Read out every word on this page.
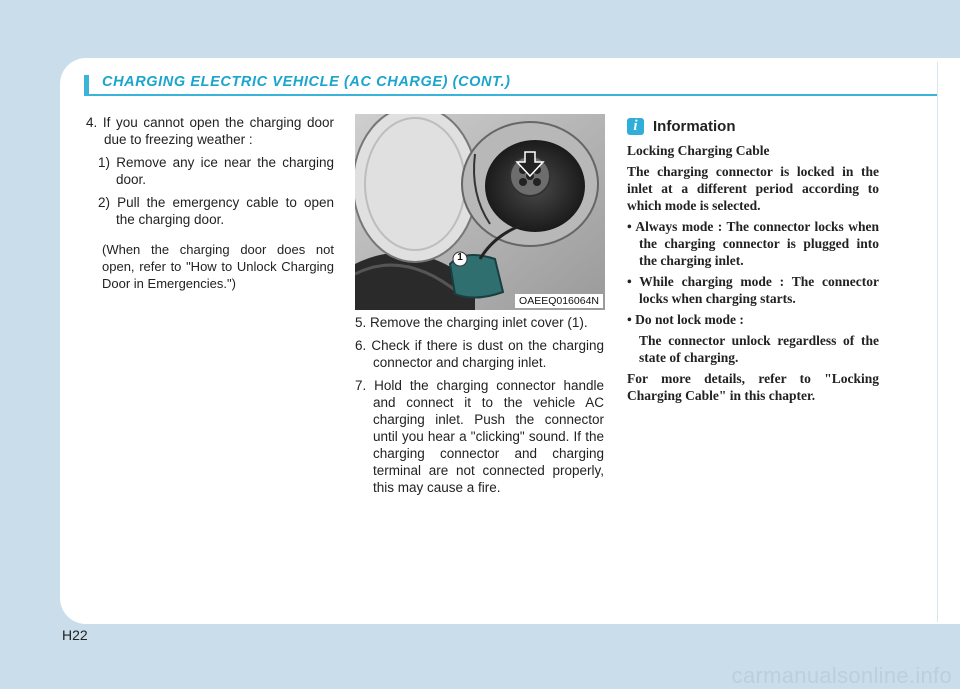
CHARGING ELECTRIC VEHICLE (AC CHARGE) (CONT.)

4. If you cannot open the charging door due to freezing weather :

1) Remove any ice near the charging door.

2) Pull the emergency cable to open the charging door.

(When the charging door does not open, refer to "How to Unlock Charging Door in Emergencies.")

1
OAEEQ016064N

5. Remove the charging inlet cover (1).

6. Check if there is dust on the charging connector and charging inlet.

7. Hold the charging connector handle and connect it to the vehicle AC charging inlet. Push the connector until you hear a "clicking" sound. If the charging connector and charging terminal are not connected properly, this may cause a fire.

i	Information

Locking Charging Cable

The charging connector is locked in the inlet at a different period according to which mode is selected.

• Always mode : The connector locks when the charging connector is plugged into the charging inlet.

• While charging mode : The connector locks when charging starts.

• Do not lock mode :

The connector unlock regardless of the state of charging.

For more details, refer to "Locking Charging Cable" in this chapter.

H22
carmanualsonline.info
